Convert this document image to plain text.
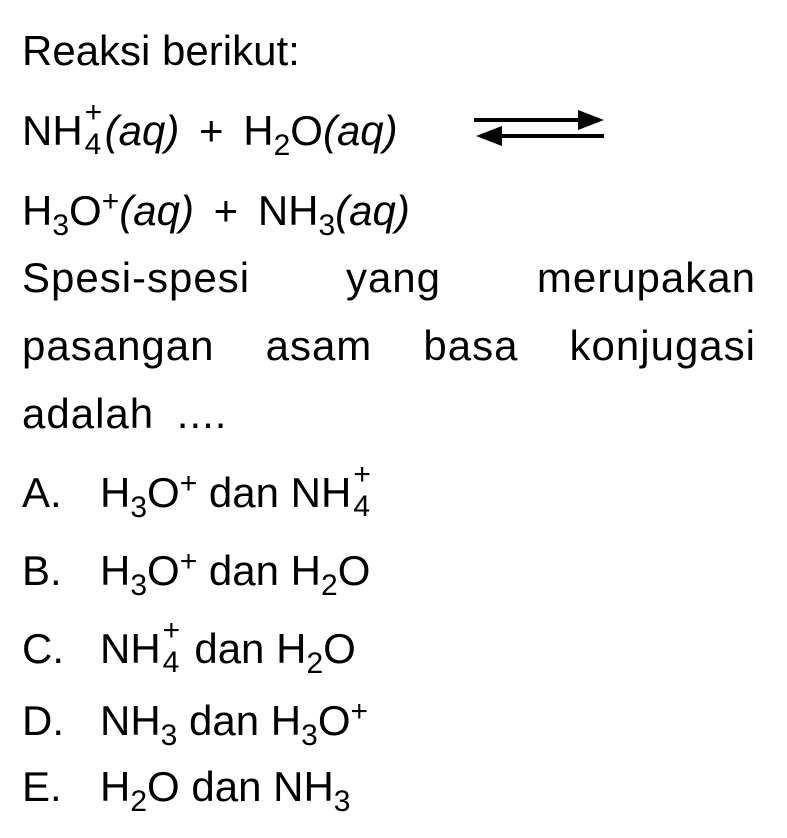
Reaksi berikut:
NH +
4 $(aq) + H_2O(aq)$
$H_3O^+(aq) + NH_3(aq)$
Spesi-spesi yang merupakan pasangan asam basa konjugasi adalah ....
A. $H_3O^+$ dan NH +
4
B. $H_3O^+$ dan $H_2O$
C. NH +
4 dan $H_2O$
D. $NH_3$ dan $H_3O^+$
E. $H_2O$ dan $NH_3$
